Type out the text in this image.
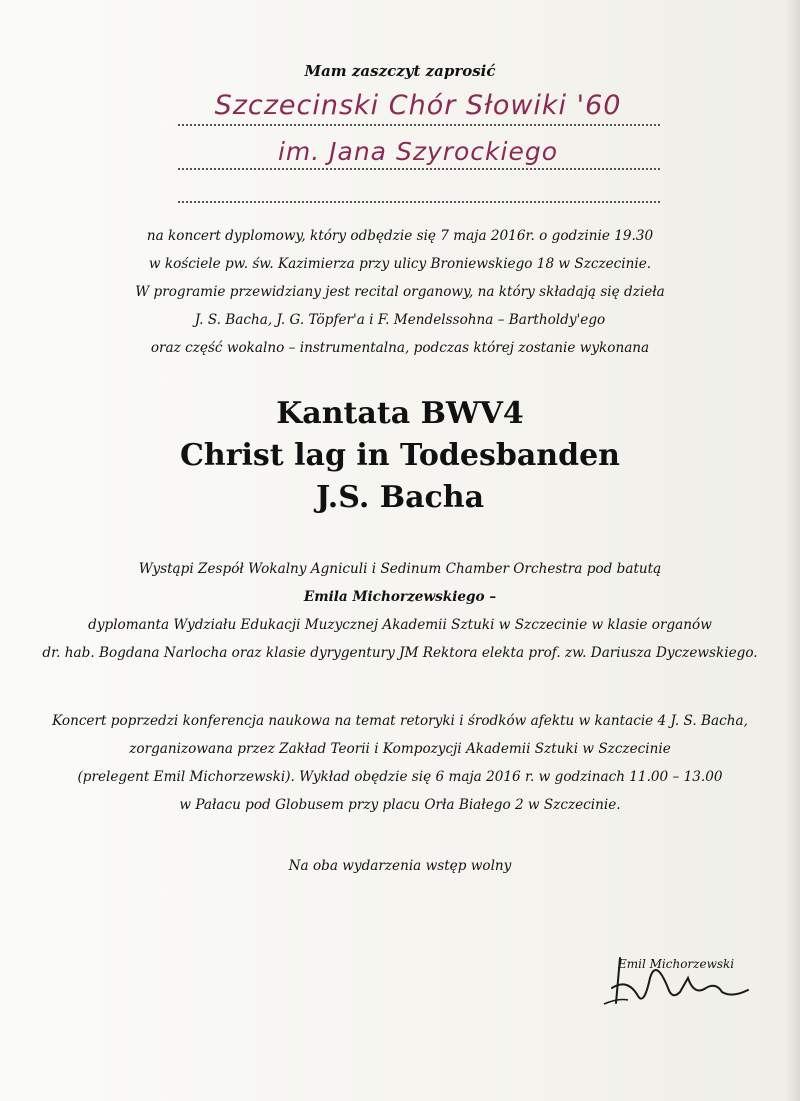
Mam zaszczyt zaprosić
Szczecinski Chór Słowiki '60
im. Jana Szyrockiego
na koncert dyplomowy, który odbędzie się 7 maja 2016r. o godzinie 19.30
w kościele pw. św. Kazimierza przy ulicy Broniewskiego 18 w Szczecinie.
W programie przewidziany jest recital organowy, na który składają się dzieła
J. S. Bacha, J. G. Töpfer'a i F. Mendelssohna – Bartholdy'ego
oraz część wokalno – instrumentalna, podczas której zostanie wykonana
Kantata BWV4
Christ lag in Todesbanden
J.S. Bacha
Wystąpi Zespół Wokalny Agniculi i Sedinum Chamber Orchestra pod batutą
Emila Michorzewskiego –
dyplomanta Wydziału Edukacji Muzycznej Akademii Sztuki w Szczecinie w klasie organów
dr. hab. Bogdana Narlocha oraz klasie dyrygentury JM Rektora elekta prof. zw. Dariusza Dyczewskiego.
Koncert poprzedzi konferencja naukowa na temat retoryki i środków afektu w kantacie 4 J. S. Bacha,
zorganizowana przez Zakład Teorii i Kompozycji Akademii Sztuki w Szczecinie
(prelegent Emil Michorzewski). Wykład obędzie się 6 maja 2016 r. w godzinach 11.00 – 13.00
w Pałacu pod Globusem przy placu Orła Białego 2 w Szczecinie.
Na oba wydarzenia wstęp wolny
Emil Michorzewski
